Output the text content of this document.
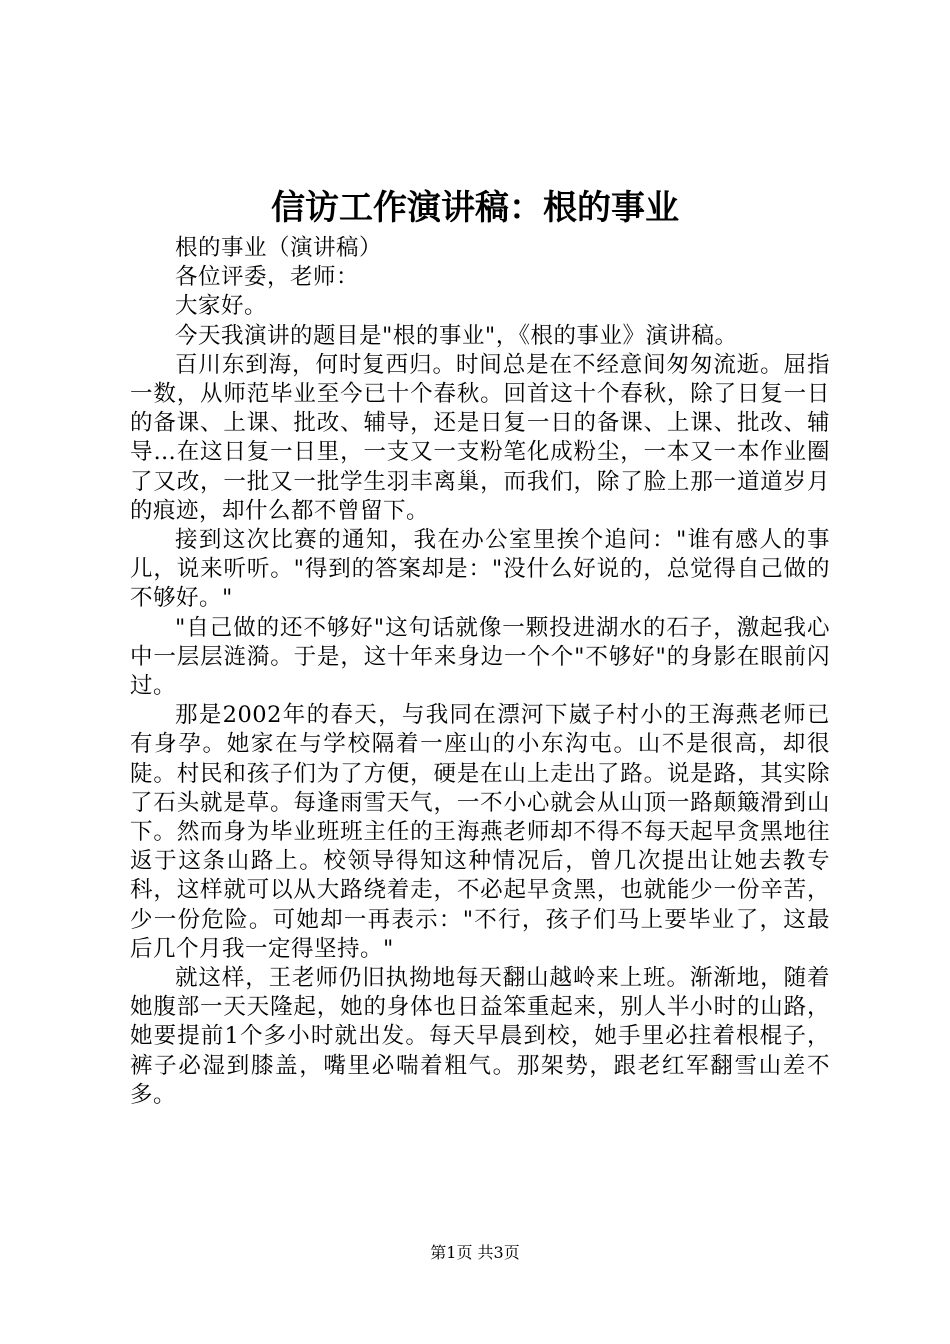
信访工作演讲稿：根的事业

根的事业（演讲稿）

各位评委，老师：

大家好。

今天我演讲的题目是"根的事业"，《根的事业》演讲稿。

百川东到海，何时复西归。时间总是在不经意间匆匆流逝。屈指一数，从师范毕业至今已十个春秋。回首这十个春秋，除了日复一日的备课、上课、批改、辅导，还是日复一日的备课、上课、批改、辅导…在这日复一日里，一支又一支粉笔化成粉尘，一本又一本作业圈了又改，一批又一批学生羽丰离巢，而我们，除了脸上那一道道岁月的痕迹，却什么都不曾留下。

接到这次比赛的通知，我在办公室里挨个追问："谁有感人的事儿，说来听听。"得到的答案却是："没什么好说的，总觉得自己做的不够好。"

"自己做的还不够好"这句话就像一颗投进湖水的石子，激起我心中一层层涟漪。于是，这十年来身边一个个"不够好"的身影在眼前闪过。

那是2002年的春天，与我同在漂河下崴子村小的王海燕老师已有身孕。她家在与学校隔着一座山的小东沟屯。山不是很高，却很陡。村民和孩子们为了方便，硬是在山上走出了路。说是路，其实除了石头就是草。每逢雨雪天气，一不小心就会从山顶一路颠簸滑到山下。然而身为毕业班班主任的王海燕老师却不得不每天起早贪黑地往返于这条山路上。校领导得知这种情况后，曾几次提出让她去教专科，这样就可以从大路绕着走，不必起早贪黑，也就能少一份辛苦，少一份危险。可她却一再表示："不行，孩子们马上要毕业了，这最后几个月我一定得坚持。"

就这样，王老师仍旧执拗地每天翻山越岭来上班。渐渐地，随着她腹部一天天隆起，她的身体也日益笨重起来，别人半小时的山路，她要提前1个多小时就出发。每天早晨到校，她手里必拄着根棍子，裤子必湿到膝盖，嘴里必喘着粗气。那架势，跟老红军翻雪山差不多。

第1页 共3页
